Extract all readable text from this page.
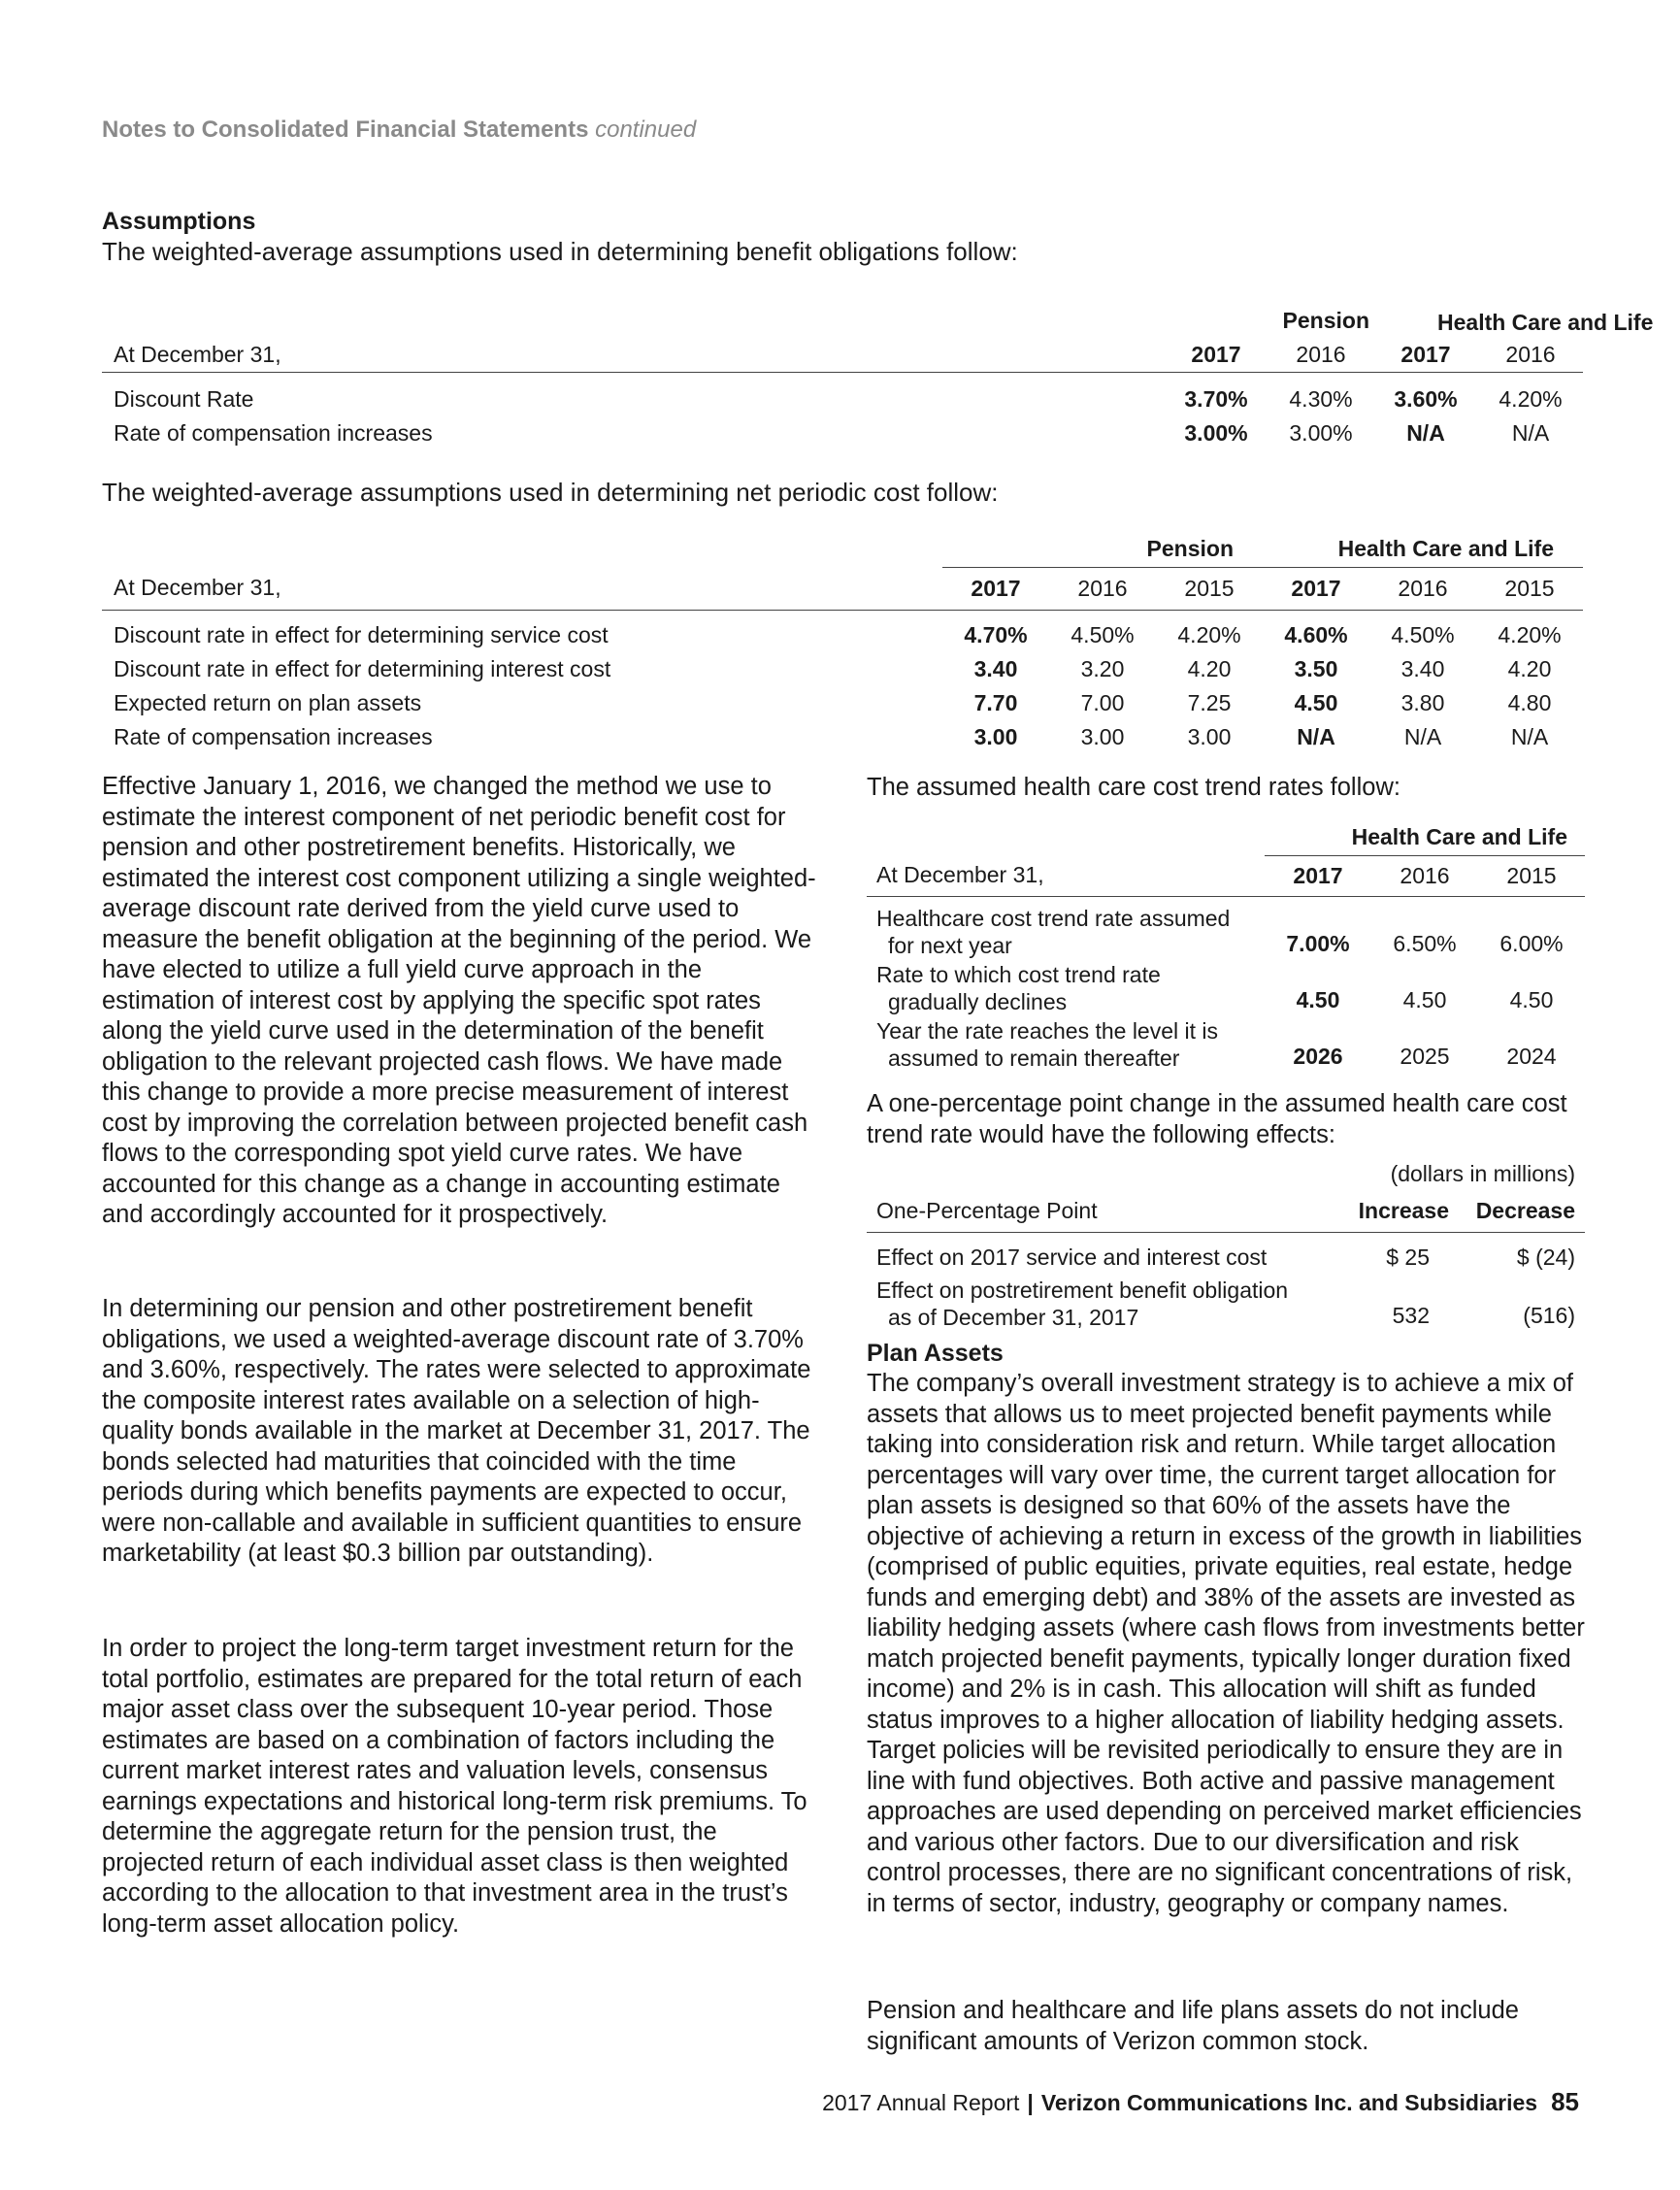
Notes to Consolidated Financial Statements continued
Assumptions
The weighted-average assumptions used in determining benefit obligations follow:
	Pension		Health Care and Life	

At December 31,	2017	2016	2017	2016

Discount Rate	3.70%	4.30%	3.60%	4.20%
Rate of compensation increases	3.00%	3.00%	N/A	N/A
The weighted-average assumptions used in determining net periodic cost follow:
	Pension			Health Care and Life		
At December 31,	2017	2016	2015	2017	2016	2015

Discount rate in effect for determining service cost	4.70%	4.50%	4.20%	4.60%	4.50%	4.20%
Discount rate in effect for determining interest cost	3.40	3.20	4.20	3.50	3.40	4.20
Expected return on plan assets	7.70	7.00	7.25	4.50	3.80	4.80
Rate of compensation increases	3.00	3.00	3.00	N/A	N/A	N/A

Effective January 1, 2016, we changed the method we use to estimate the interest component of net periodic benefit cost for pension and other postretirement benefits. Historically, we estimated the interest cost component utilizing a single weighted-average discount rate derived from the yield curve used to measure the benefit obligation at the beginning of the period. We have elected to utilize a full yield curve approach in the estimation of interest cost by applying the specific spot rates along the yield curve used in the determination of the benefit obligation to the relevant projected cash flows. We have made this change to provide a more precise measurement of interest cost by improving the correlation between projected benefit cash flows to the corresponding spot yield curve rates. We have accounted for this change as a change in accounting estimate and accordingly accounted for it prospectively.

In determining our pension and other postretirement benefit obligations, we used a weighted-average discount rate of 3.70% and 3.60%, respectively. The rates were selected to approximate the composite interest rates available on a selection of high-quality bonds available in the market at December 31, 2017. The bonds selected had maturities that coincided with the time periods during which benefits payments are expected to occur, were non-callable and available in sufficient quantities to ensure marketability (at least $0.3 billion par outstanding).

In order to project the long-term target investment return for the total portfolio, estimates are prepared for the total return of each major asset class over the subsequent 10-year period. Those estimates are based on a combination of factors including the current market interest rates and valuation levels, consensus earnings expectations and historical long-term risk premiums. To determine the aggregate return for the pension trust, the projected return of each individual asset class is then weighted according to the allocation to that investment area in the trust’s long-term asset allocation policy.

The assumed health care cost trend rates follow:
	Health Care and Life		
At December 31,	2017	2016	2015

Healthcare cost trend rate assumed
for next year	7.00%	6.50%	6.00%

Rate to which cost trend rate
gradually declines	4.50	4.50	4.50

Year the rate reaches the level it is
assumed to remain thereafter	2026	2025	2024

A one-percentage point change in the assumed health care cost trend rate would have the following effects:

	(dollars in millions)	
One-Percentage Point	Increase	Decrease

Effect on 2017 service and interest cost	$ 25	$ (24)

Effect on postretirement benefit obligation
as of December 31, 2017	532	(516)
Plan Assets

The company’s overall investment strategy is to achieve a mix of assets that allows us to meet projected benefit payments while taking into consideration risk and return. While target allocation percentages will vary over time, the current target allocation for plan assets is designed so that 60% of the assets have the objective of achieving a return in excess of the growth in liabilities (comprised of public equities, private equities, real estate, hedge funds and emerging debt) and 38% of the assets are invested as liability hedging assets (where cash flows from investments better match projected benefit payments, typically longer duration fixed income) and 2% is in cash. This allocation will shift as funded status improves to a higher allocation of liability hedging assets. Target policies will be revisited periodically to ensure they are in line with fund objectives. Both active and passive management approaches are used depending on perceived market efficiencies and various other factors. Due to our diversification and risk control processes, there are no significant concentrations of risk, in terms of sector, industry, geography or company names.

Pension and healthcare and life plans assets do not include significant amounts of Verizon common stock.

2017 Annual Report | Verizon Communications Inc. and Subsidiaries 85
